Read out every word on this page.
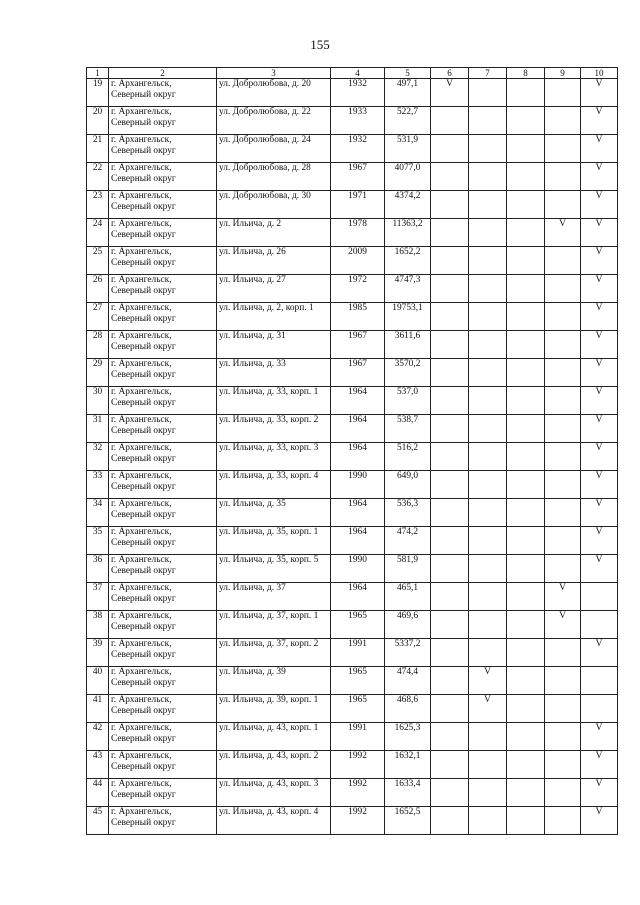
155
1	2	3	4	5	6	7	8	9	10
19	г. Архангельск,
Северный округ	ул. Добролюбова, д. 20	1932	497,1	V				V
20	г. Архангельск,
Северный округ	ул. Добролюбова, д. 22	1933	522,7					V
21	г. Архангельск,
Северный округ	ул. Добролюбова, д. 24	1932	531,9					V
22	г. Архангельск,
Северный округ	ул. Добролюбова, д. 28	1967	4077,0					V
23	г. Архангельск,
Северный округ	ул. Добролюбова, д. 30	1971	4374,2					V
24	г. Архангельск,
Северный округ	ул. Ильича, д. 2	1978	11363,2				V	V
25	г. Архангельск,
Северный округ	ул. Ильича, д. 26	2009	1652,2					V
26	г. Архангельск,
Северный округ	ул. Ильича, д. 27	1972	4747,3					V
27	г. Архангельск,
Северный округ	ул. Ильича, д. 2, корп. 1	1985	19753,1					V
28	г. Архангельск,
Северный округ	ул. Ильича, д. 31	1967	3611,6					V
29	г. Архангельск,
Северный округ	ул. Ильича, д. 33	1967	3570,2					V
30	г. Архангельск,
Северный округ	ул. Ильича, д. 33, корп. 1	1964	537,0					V
31	г. Архангельск,
Северный округ	ул. Ильича, д. 33, корп. 2	1964	538,7					V
32	г. Архангельск,
Северный округ	ул. Ильича, д. 33, корп. 3	1964	516,2					V
33	г. Архангельск,
Северный округ	ул. Ильича, д. 33, корп. 4	1990	649,0					V
34	г. Архангельск,
Северный округ	ул. Ильича, д. 35	1964	536,3					V
35	г. Архангельск,
Северный округ	ул. Ильича, д. 35, корп. 1	1964	474,2					V
36	г. Архангельск,
Северный округ	ул. Ильича, д. 35, корп. 5	1990	581,9					V
37	г. Архангельск,
Северный округ	ул. Ильича, д. 37	1964	465,1				V	
38	г. Архангельск,
Северный округ	ул. Ильича, д. 37, корп. 1	1965	469,6				V	
39	г. Архангельск,
Северный округ	ул. Ильича, д. 37, корп. 2	1991	5337,2					V
40	г. Архангельск,
Северный округ	ул. Ильича, д. 39	1965	474,4		V			
41	г. Архангельск,
Северный округ	ул. Ильича, д. 39, корп. 1	1965	468,6		V			
42	г. Архангельск,
Северный округ	ул. Ильича, д. 43, корп. 1	1991	1625,3					V
43	г. Архангельск,
Северный округ	ул. Ильича, д. 43, корп. 2	1992	1632,1					V
44	г. Архангельск,
Северный округ	ул. Ильича, д. 43, корп. 3	1992	1633,4					V
45	г. Архангельск,
Северный округ	ул. Ильича, д. 43, корп. 4	1992	1652,5					V
